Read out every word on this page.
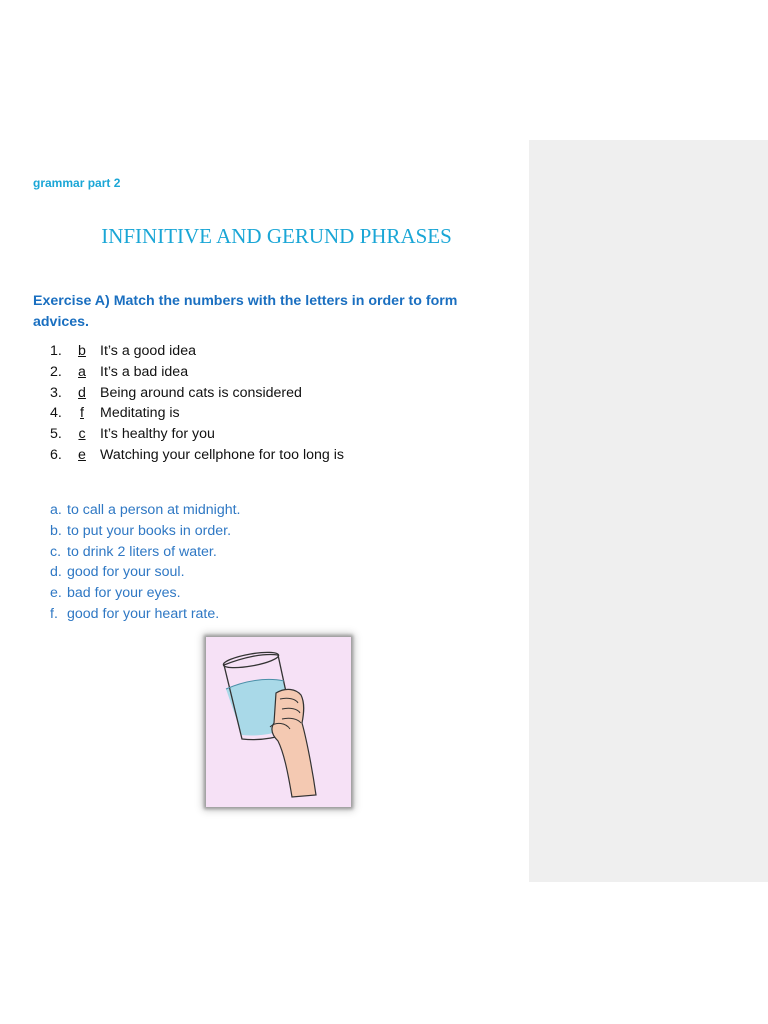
grammar part 2
INFINITIVE AND GERUND PHRASES
Exercise A) Match the numbers with the letters in order to form advices.
1. b It’s a good idea
2. a It’s a bad idea
3. d Being around cats is considered
4. f Meditating is
5. c It’s healthy for you
6. e Watching your cellphone for too long is
a. to call a person at midnight.
b. to put your books in order.
c. to drink 2 liters of water.
d. good for your soul.
e. bad for your eyes.
f. good for your heart rate.
